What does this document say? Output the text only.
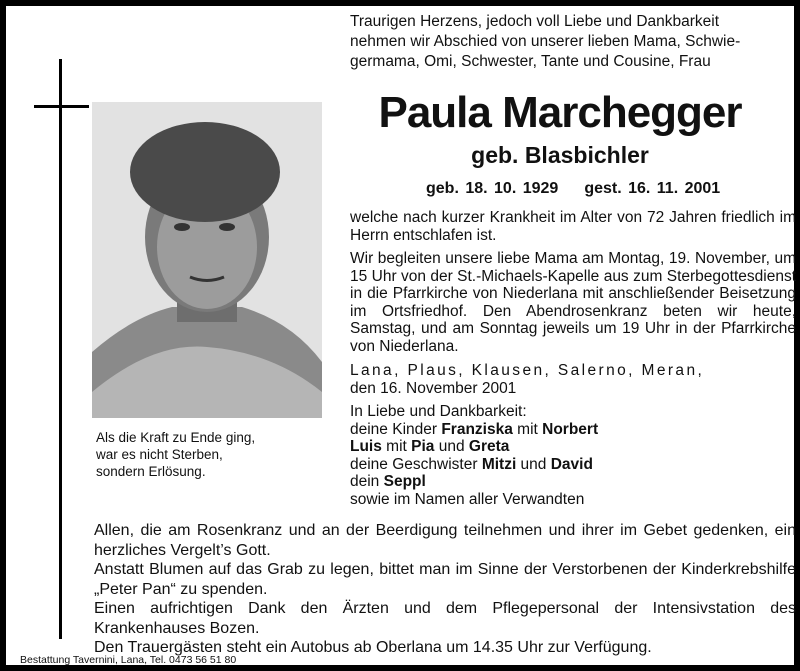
Als die Kraft zu Ende ging,
war es nicht Sterben,
sondern Erlösung.
Traurigen Herzens, jedoch voll Liebe und Dankbarkeit
nehmen wir Abschied von unserer lieben Mama, Schwie-
germama, Omi, Schwester, Tante und Cousine, Frau
Paula Marchegger
geb. Blasbichler
geb. 18. 10. 1929 gest. 16. 11. 2001

welche nach kurzer Krankheit im Alter von 72 Jahren friedlich im Herrn entschlafen ist.

Wir begleiten unsere liebe Mama am Montag, 19. November, um 15 Uhr von der St.-Michaels-Kapelle aus zum Sterbegottesdienst in die Pfarrkirche von Niederlana mit anschließender Beisetzung im Ortsfriedhof. Den Abendrosenkranz beten wir heute, Samstag, und am Sonntag jeweils um 19 Uhr in der Pfarrkirche von Niederlana.

Lana, Plaus, Klausen, Salerno, Meran,
den 16. November 2001
In Liebe und Dankbarkeit:
deine Kinder Franziska mit Norbert
Luis mit Pia und Greta
deine Geschwister Mitzi und David
dein Seppl
sowie im Namen aller Verwandten

Allen, die am Rosenkranz und an der Beerdigung teilnehmen und ihrer im Gebet gedenken, ein herzliches Vergelt’s Gott.

Anstatt Blumen auf das Grab zu legen, bittet man im Sinne der Verstorbenen der Kinderkrebshilfe „Peter Pan“ zu spenden.

Einen aufrichtigen Dank den Ärzten und dem Pflegepersonal der Intensivstation des Krankenhauses Bozen.

Den Trauergästen steht ein Autobus ab Oberlana um 14.35 Uhr zur Verfügung.

Bestattung Tavernini, Lana, Tel. 0473 56 51 80
